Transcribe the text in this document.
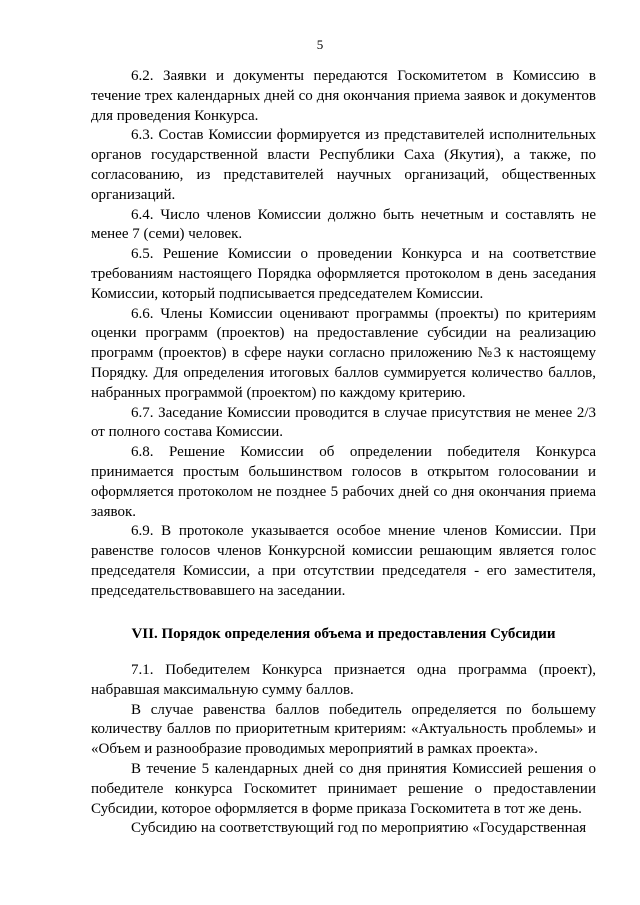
5

6.2. Заявки и документы передаются Госкомитетом в Комиссию в течение трех календарных дней со дня окончания приема заявок и документов для проведения Конкурса.

6.3. Состав Комиссии формируется из представителей исполнительных органов государственной власти Республики Саха (Якутия), а также, по согласованию, из представителей научных организаций, общественных организаций.

6.4. Число членов Комиссии должно быть нечетным и составлять не менее 7 (семи) человек.

6.5. Решение Комиссии о проведении Конкурса и на соответствие требованиям настоящего Порядка оформляется протоколом в день заседания Комиссии, который подписывается председателем Комиссии.

6.6. Члены Комиссии оценивают программы (проекты) по критериям оценки программ (проектов) на предоставление субсидии на реализацию программ (проектов) в сфере науки согласно приложению №3 к настоящему Порядку. Для определения итоговых баллов суммируется количество баллов, набранных программой (проектом) по каждому критерию.

6.7. Заседание Комиссии проводится в случае присутствия не менее 2/3 от полного состава Комиссии.

6.8. Решение Комиссии об определении победителя Конкурса принимается простым большинством голосов в открытом голосовании и оформляется протоколом не позднее 5 рабочих дней со дня окончания приема заявок.

6.9. В протоколе указывается особое мнение членов Комиссии. При равенстве голосов членов Конкурсной комиссии решающим является голос председателя Комиссии, а при отсутствии председателя - его заместителя, председательствовавшего на заседании.

VII. Порядок определения объема и предоставления Субсидии

7.1. Победителем Конкурса признается одна программа (проект), набравшая максимальную сумму баллов.

В случае равенства баллов победитель определяется по большему количеству баллов по приоритетным критериям: «Актуальность проблемы» и «Объем и разнообразие проводимых мероприятий в рамках проекта».

В течение 5 календарных дней со дня принятия Комиссией решения о победителе конкурса Госкомитет принимает решение о предоставлении Субсидии, которое оформляется в форме приказа Госкомитета в тот же день.

Субсидию на соответствующий год по мероприятию «Государственная
